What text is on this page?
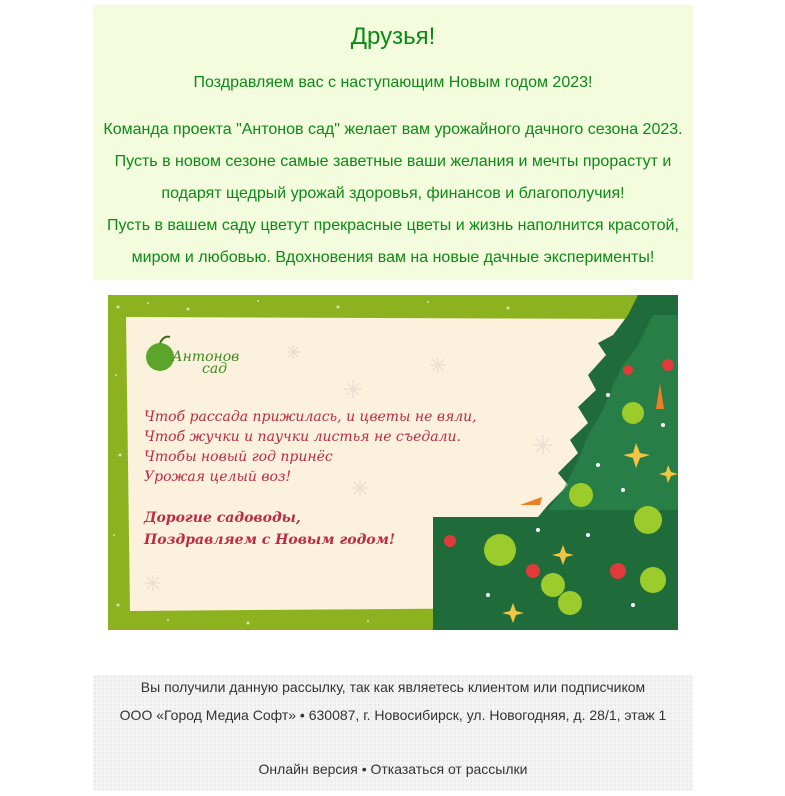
Друзья!
Поздравляем вас с наступающим Новым годом 2023!

Команда проекта "Антонов сад" желает вам урожайного дачного сезона 2023. Пусть в новом сезоне самые заветные ваши желания и мечты прорастут и подарят щедрый урожай здоровья, финансов и благополучия!

Пусть в вашем саду цветут прекрасные цветы и жизнь наполнится красотой, миром и любовью. Вдохновения вам на новые дачные эксперименты!

Антонов
сад
Чтоб рассада прижилась, и цветы не вяли,
Чтоб жучки и паучки листья не съедали.
Чтобы новый год принёс
Урожая целый воз!
Дорогие садоводы,
Поздравляем с Новым годом!
Вы получили данную рассылку, так как являетесь клиентом или подписчиком
ООО «Город Медиа Софт» • 630087, г. Новосибирск, ул. Новогодняя, д. 28/1, этаж 1
Онлайн версия • Отказаться от рассылки
